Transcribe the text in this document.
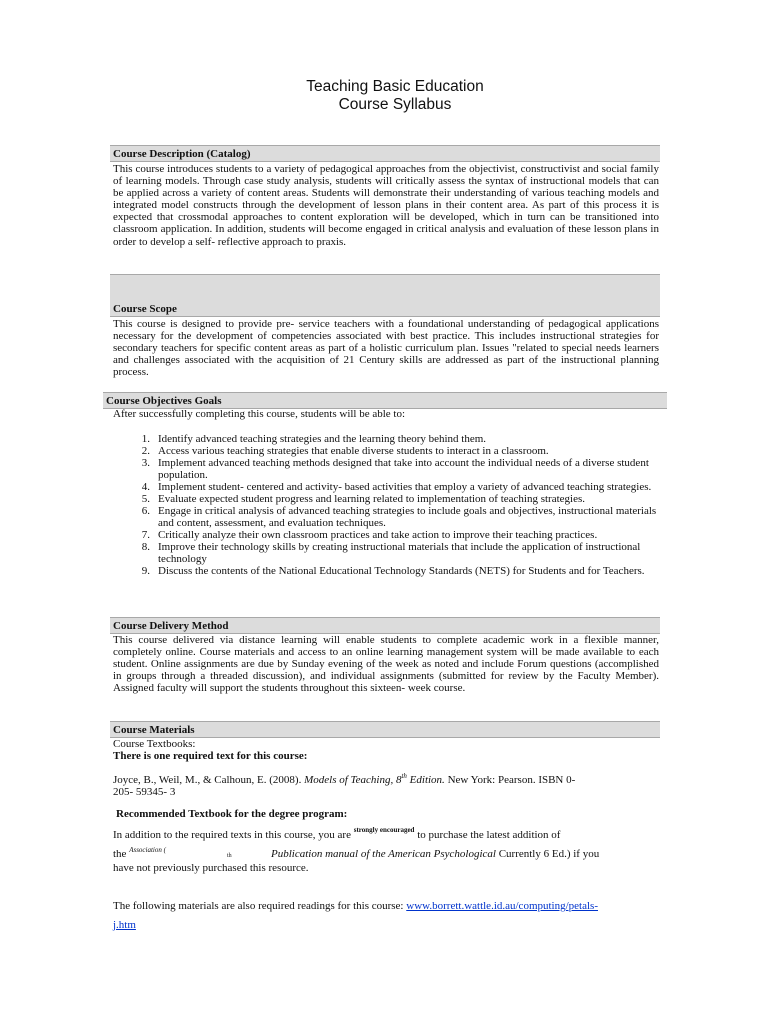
Teaching Basic Education
Course Syllabus
Course Description (Catalog)
This course introduces students to a variety of pedagogical approaches from the objectivist, constructivist and social family of learning models. Through case study analysis, students will critically assess the syntax of instructional models that can be applied across a variety of content areas. Students will demonstrate their understanding of various teaching models and integrated model constructs through the development of lesson plans in their content area. As part of this process it is expected that crossmodal approaches to content exploration will be developed, which in turn can be transitioned into classroom application. In addition, students will become engaged in critical analysis and evaluation of these lesson plans in order to develop a self- reflective approach to praxis.
Course Scope
This course is designed to provide pre- service teachers with a foundational understanding of pedagogical applications necessary for the development of competencies associated with best practice. This includes instructional strategies for secondary teachers for specific content areas as part of a holistic curriculum plan. Issues "related to special needs learners and challenges associated with the acquisition of 21 Century skills are addressed as part of the instructional planning process.
Course Objectives Goals
After successfully completing this course, students will be able to:
1. Identify advanced teaching strategies and the learning theory behind them.
2. Access various teaching strategies that enable diverse students to interact in a classroom.
3. Implement advanced teaching methods designed that take into account the individual needs of a diverse student population.
4. Implement student- centered and activity- based activities that employ a variety of advanced teaching strategies.
5. Evaluate expected student progress and learning related to implementation of teaching strategies.
6. Engage in critical analysis of advanced teaching strategies to include goals and objectives, instructional materials and content, assessment, and evaluation techniques.
7. Critically analyze their own classroom practices and take action to improve their teaching practices.
8. Improve their technology skills by creating instructional materials that include the application of instructional technology
9. Discuss the contents of the National Educational Technology Standards (NETS) for Students and for Teachers.
Course Delivery Method
This course delivered via distance learning will enable students to complete academic work in a flexible manner, completely online. Course materials and access to an online learning management system will be made available to each student. Online assignments are due by Sunday evening of the week as noted and include Forum questions (accomplished in groups through a threaded discussion), and individual assignments (submitted for review by the Faculty Member). Assigned faculty will support the students throughout this sixteen- week course.
Course Materials
Course Textbooks:
There is one required text for this course:
Joyce, B., Weil, M., & Calhoun, E. (2008). Models of Teaching, 8th Edition. New York: Pearson. ISBN 0-
205- 59345- 3
Recommended Textbook for the degree program:
In addition to the required texts in this course, you are $^{strongly encouraged}$ to purchase the latest addition of
the $^{Association (}$
th	Publication manual of the American Psychological Currently 6 Ed.) if you
have not previously purchased this resource.
The following materials are also required readings for this course: www.borrett.wattle.id.au/computing/petals-
j.htm
